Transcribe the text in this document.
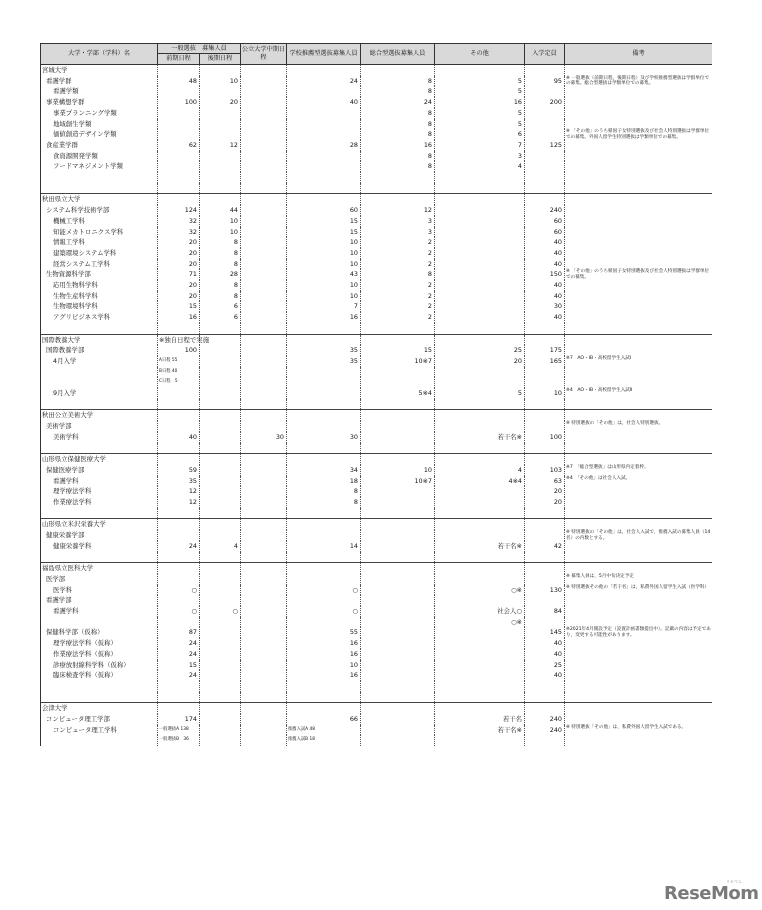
大学・学部（学科）名	一般選抜　募集人員		公立大学中期日程	学校推薦型選抜募集人員	総合型選抜募集人員	その他	入学定員	備考
	前期日程	後期日程						
宮城大学								
看護学群	48	10		24	8	5	95	※ 一般選抜（前期日程，後期日程）及び学校推薦型選抜は学群単位での募集。総合型選抜は学類単位での募集。
看護学類					8	5		
事業構想学群	100	20		40	24	16	200	
事業プランニング学類					8	5		
地域創生学類					8	5		
価値創造デザイン学類					8	6		※ 「その他」のうち帰国子女特別選抜及び社会人特別選抜は学群単位での募集。外国人留学生特別選抜は学類単位での募集。
食産業学群	62	12		28	16	7	125	
食資源開発学類					8	3		
フードマネジメント学類					8	4		

秋田県立大学								
システム科学技術学部	124	44		60	12		240	
機械工学科	32	10		15	3		60	
知能メカトロニクス学科	32	10		15	3		60	
情報工学科	20	8		10	2		40	
建築環境システム学科	20	8		10	2		40	
経営システム工学科	20	8		10	2		40	
生物資源科学部	71	28		43	8		150	※ 「その他」のうち帰国子女特別選抜及び社会人特別選抜は学群単位での募集。
応用生物科学科	20	8		10	2		40	
生物生産科学科	20	8		10	2		40	
生物環境科学科	15	6		7	2		30	
アグリビジネス学科	16	6		16	2		40	

国際教養大学	※独自日程で実施							
国際教養学部	100			35	15	25	175	
4月入学	A日程 55			35	10※7	20	165	※7　AO・IB・高校留学生入試Ⅰ
	B日程 40							
	C日程　5							
9月入学					5※4	5	10	※4　AO・IB・高校留学生入試Ⅱ

秋田公立美術大学								
美術学部								※ 特別選抜の「その他」は，社会人特別選抜。
美術学科	40		30	30		若干名※	100	

山形県立保健医療大学								
保健医療学部	59			34	10	4	103	※7　「総合型選抜」は山形県内定着枠。
看護学科	35			18	10※7	4※4	63	※4　「その他」は社会人入試。
理学療法学科	12			8			20	
作業療法学科	12			8			20	

山形県立米沢栄養大学								
健康栄養学部								※ 特別選抜の「その他」は，社会人入試で，推薦入試の募集人員（14名）の内数とする。
健康栄養学科	24	4		14		若干名※	42	

福島県立医科大学								
医学部								※ 募集人員は，5月中旬決定予定
医学科	○			○		○※	130	※ 特別選抜その他の「若干名」は，私費外国人留学生入試（医学科）
看護学部								
看護学科	○	○		○		社会人○	84	
						○※		
保健科学部（仮称）	87			55			145	※2021年4月開設予定（設置計画書類提出中）。記載の内容は予定であり，変更する可能性があります。
理学療法学科（仮称）	24			16			40	
作業療法学科（仮称）	24			16			40	
診療放射線科学科（仮称）	15			10			25	
臨床検査学科（仮称）	24			16			40	

会津大学								
コンピュータ理工学部	174			66		若干名	240	
コンピュータ理工学科	一般選抜A 138			推薦入試A 48		若干名※	240	※ 特別選抜「その他」は，私費外国人留学生入試である。
	一般選抜B　36			推薦入試B 18				
ReseMom
リセマム
